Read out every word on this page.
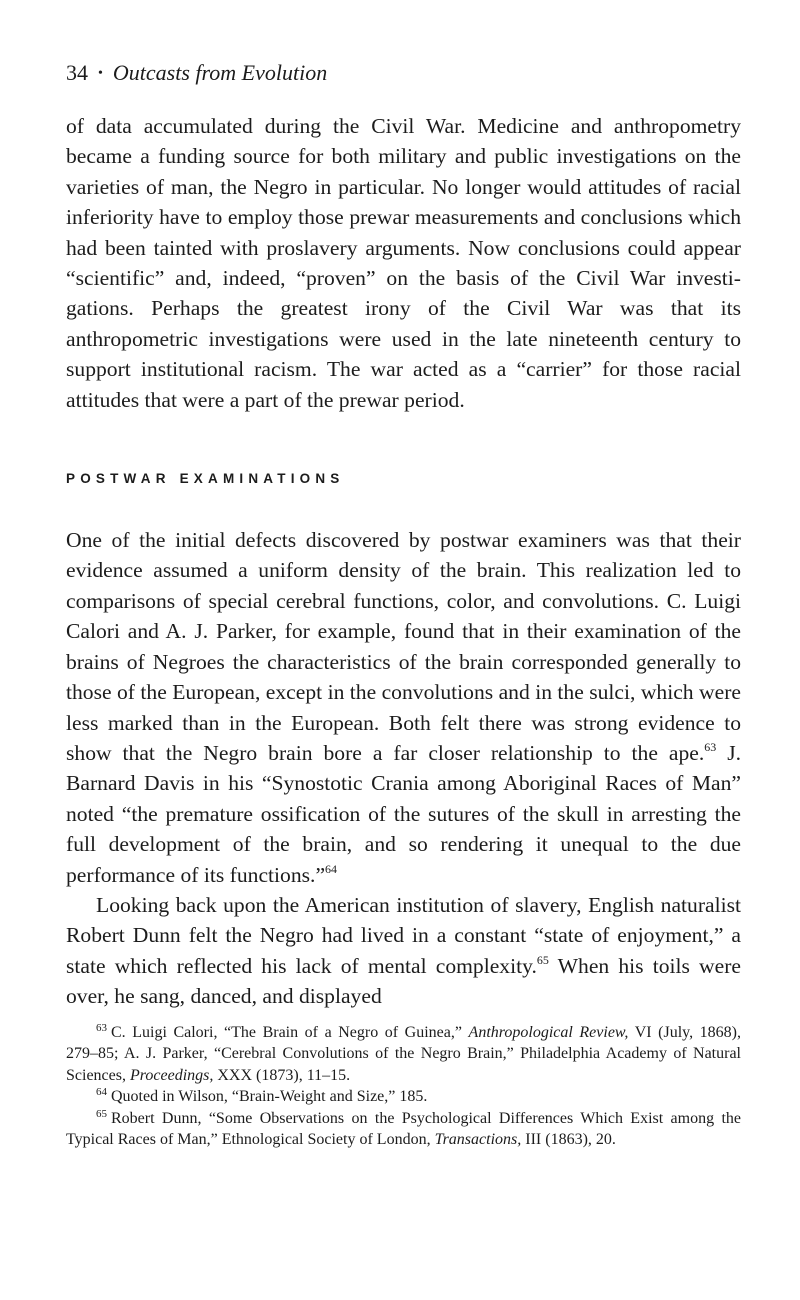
34 • Outcasts from Evolution

of data accumulated during the Civil War. Medicine and anthropometry became a funding source for both military and public investigations on the varieties of man, the Negro in particular. No longer would attitudes of racial inferiority have to employ those prewar measurements and conclusions which had been tainted with proslavery arguments. Now conclusions could appear “scientific” and, indeed, “proven” on the basis of the Civil War investigations. Perhaps the greatest irony of the Civil War was that its anthropometric investigations were used in the late nineteenth century to support institutional racism. The war acted as a “carrier” for those racial attitudes that were a part of the prewar period.

POSTWAR EXAMINATIONS

One of the initial defects discovered by postwar examiners was that their evidence assumed a uniform density of the brain. This realization led to comparisons of special cerebral functions, color, and convolutions. C. Luigi Calori and A. J. Parker, for example, found that in their examination of the brains of Negroes the characteristics of the brain corresponded generally to those of the European, except in the convolutions and in the sulci, which were less marked than in the European. Both felt there was strong evidence to show that the Negro brain bore a far closer relationship to the ape.$^{63}$ J. Barnard Davis in his “Synostotic Crania among Aboriginal Races of Man” noted “the premature ossification of the sutures of the skull in arresting the full development of the brain, and so rendering it unequal to the due performance of its functions.”$^{64}$

Looking back upon the American institution of slavery, English naturalist Robert Dunn felt the Negro had lived in a constant “state of enjoyment,” a state which reflected his lack of mental complexity.$^{65}$ When his toils were over, he sang, danced, and displayed

$^{63}$ C. Luigi Calori, “The Brain of a Negro of Guinea,” Anthropological Review, VI (July, 1868), 279–85; A. J. Parker, “Cerebral Convolutions of the Negro Brain,” Philadelphia Academy of Natural Sciences, Proceedings, XXX (1873), 11–15.

$^{64}$ Quoted in Wilson, “Brain-Weight and Size,” 185.

$^{65}$ Robert Dunn, “Some Observations on the Psychological Differences Which Exist among the Typical Races of Man,” Ethnological Society of London, Transactions, III (1863), 20.
